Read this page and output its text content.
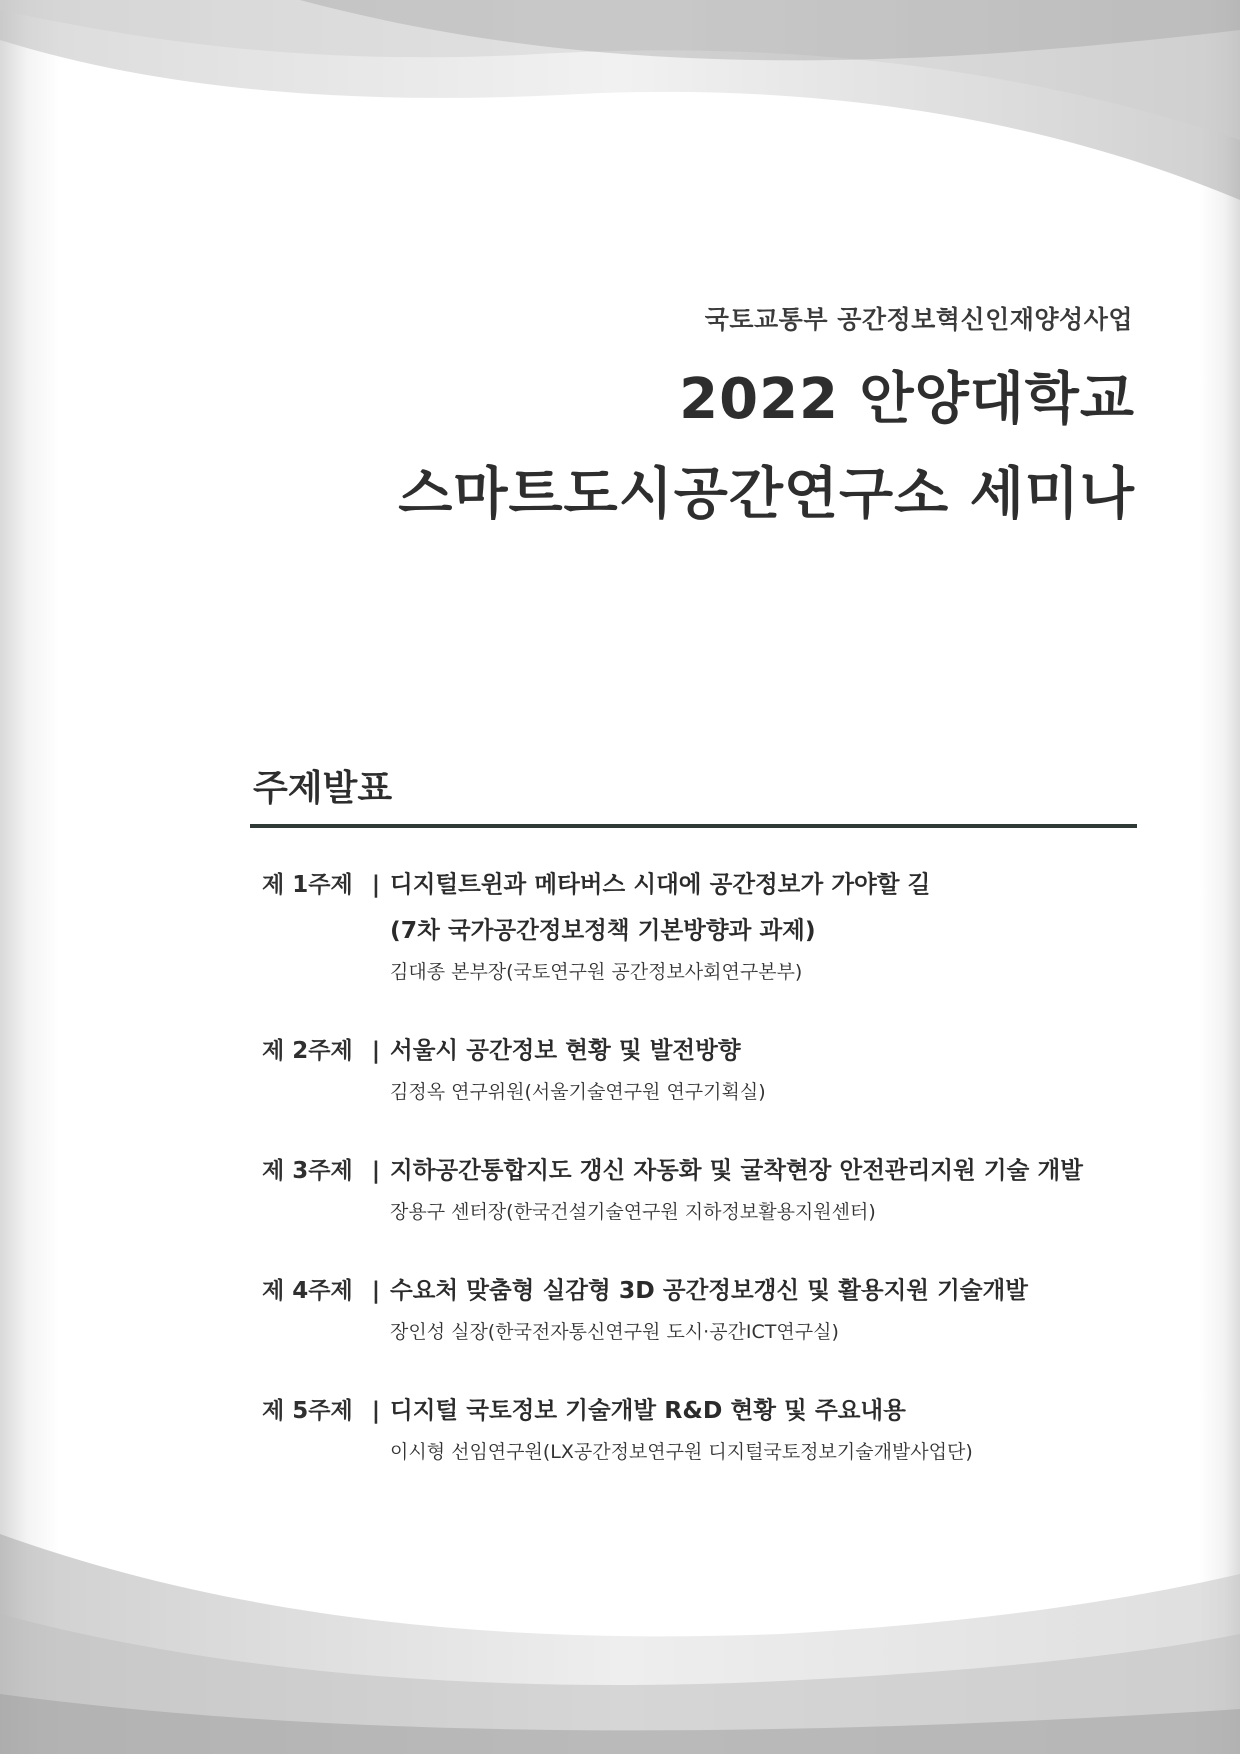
국토교통부 공간정보혁신인재양성사업
2022 안양대학교
스마트도시공간연구소 세미나
주제발표
제 1주제 | 디지털트윈과 메타버스 시대에 공간정보가 가야할 길
(7차 국가공간정보정책 기본방향과 과제)
김대종 본부장(국토연구원 공간정보사회연구본부)
제 2주제 | 서울시 공간정보 현황 및 발전방향
김정옥 연구위원(서울기술연구원 연구기획실)
제 3주제 | 지하공간통합지도 갱신 자동화 및 굴착현장 안전관리지원 기술 개발
장용구 센터장(한국건설기술연구원 지하정보활용지원센터)
제 4주제 | 수요처 맞춤형 실감형 3D 공간정보갱신 및 활용지원 기술개발
장인성 실장(한국전자통신연구원 도시·공간ICT연구실)
제 5주제 | 디지털 국토정보 기술개발 R&D 현황 및 주요내용
이시형 선임연구원(LX공간정보연구원 디지털국토정보기술개발사업단)
